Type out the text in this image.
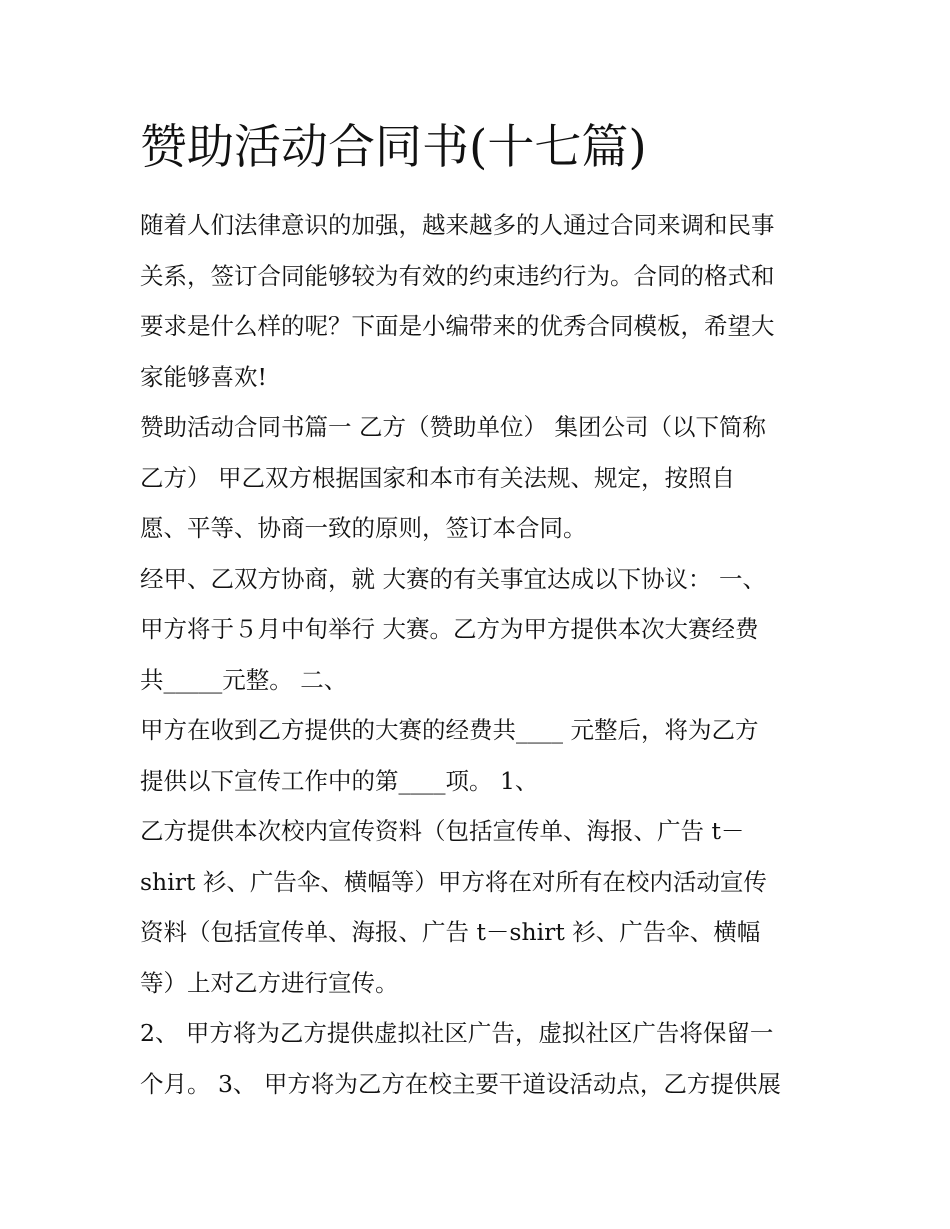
赞助活动合同书(十七篇)

随着人们法律意识的加强，越来越多的人通过合同来调和民事
关系，签订合同能够较为有效的约束违约行为。合同的格式和
要求是什么样的呢？下面是小编带来的优秀合同模板，希望大
家能够喜欢!

赞助活动合同书篇一 乙方（赞助单位） 集团公司（以下简称
乙方） 甲乙双方根据国家和本市有关法规、规定，按照自
愿、平等、协商一致的原则，签订本合同。

经甲、乙双方协商，就 大赛的有关事宜达成以下协议： 一、
甲方将于５月中旬举行 大赛。乙方为甲方提供本次大赛经费
共_____元整。 二、

甲方在收到乙方提供的大赛的经费共____ 元整后，将为乙方
提供以下宣传工作中的第____项。 1、

乙方提供本次校内宣传资料（包括宣传单、海报、广告 t－
shirt 衫、广告伞、横幅等）甲方将在对所有在校内活动宣传
资料（包括宣传单、海报、广告 t－shirt 衫、广告伞、横幅
等）上对乙方进行宣传。

2、 甲方将为乙方提供虚拟社区广告，虚拟社区广告将保留一
个月。 3、 甲方将为乙方在校主要干道设活动点，乙方提供展
